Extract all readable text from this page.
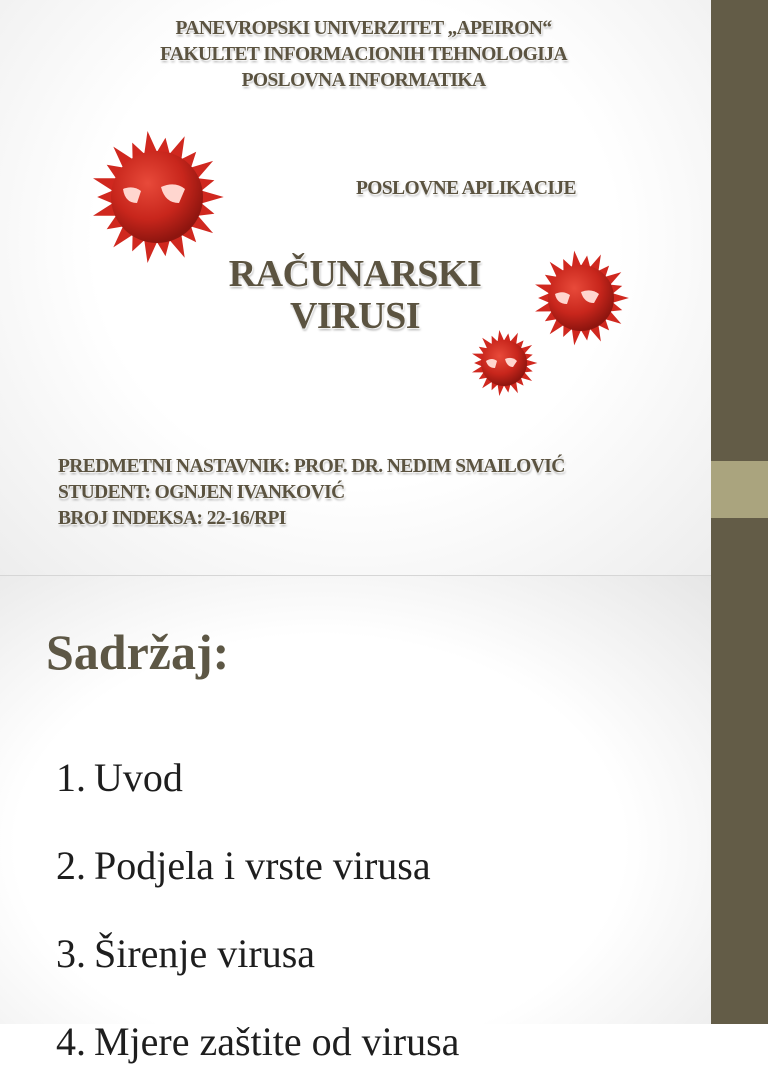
PANEVROPSKI UNIVERZITET „APEIRON“
FAKULTET INFORMACIONIH TEHNOLOGIJA
POSLOVNA INFORMATIKA
POSLOVNE APLIKACIJE
RAČUNARSKI
VIRUSI
PREDMETNI NASTAVNIK: PROF. DR. NEDIM SMAILOVIĆ
STUDENT: OGNJEN IVANKOVIĆ
BROJ INDEKSA: 22-16/RPI
Sadržaj:
1. Uvod
2. Podjela i vrste virusa
3. Širenje virusa
4. Mjere zaštite od virusa
